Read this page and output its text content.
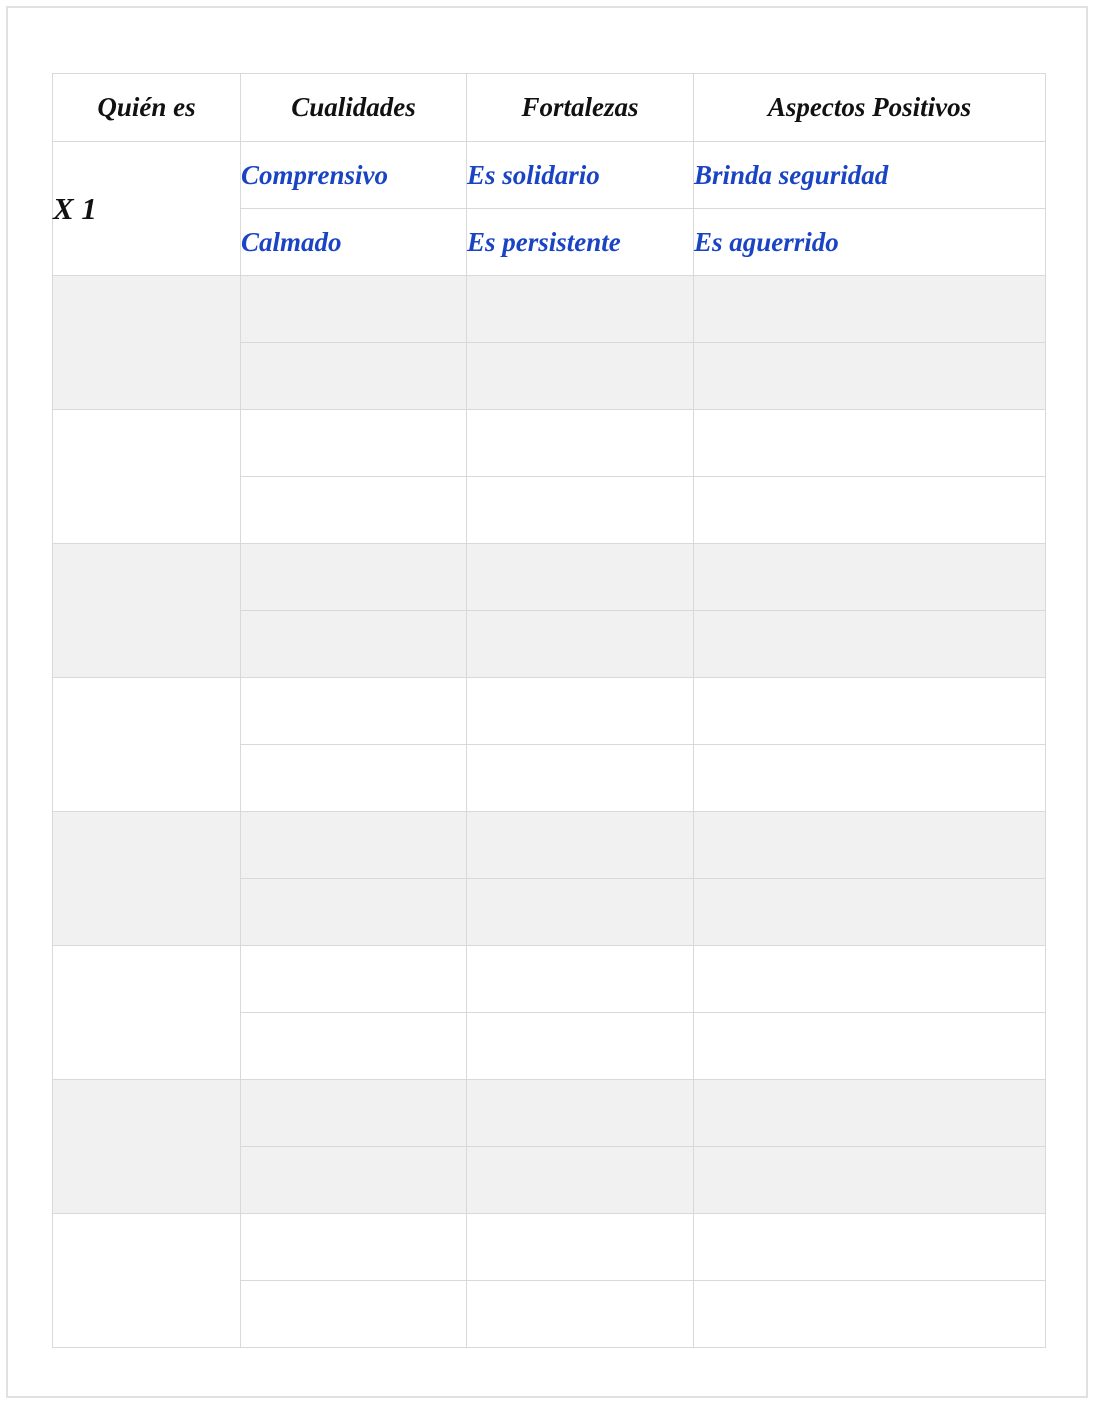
Quién es	Cualidades	Fortalezas	Aspectos Positivos
X 1	Comprensivo	Es solidario	Brinda seguridad
	Calmado	Es persistente	Es aguerrido
